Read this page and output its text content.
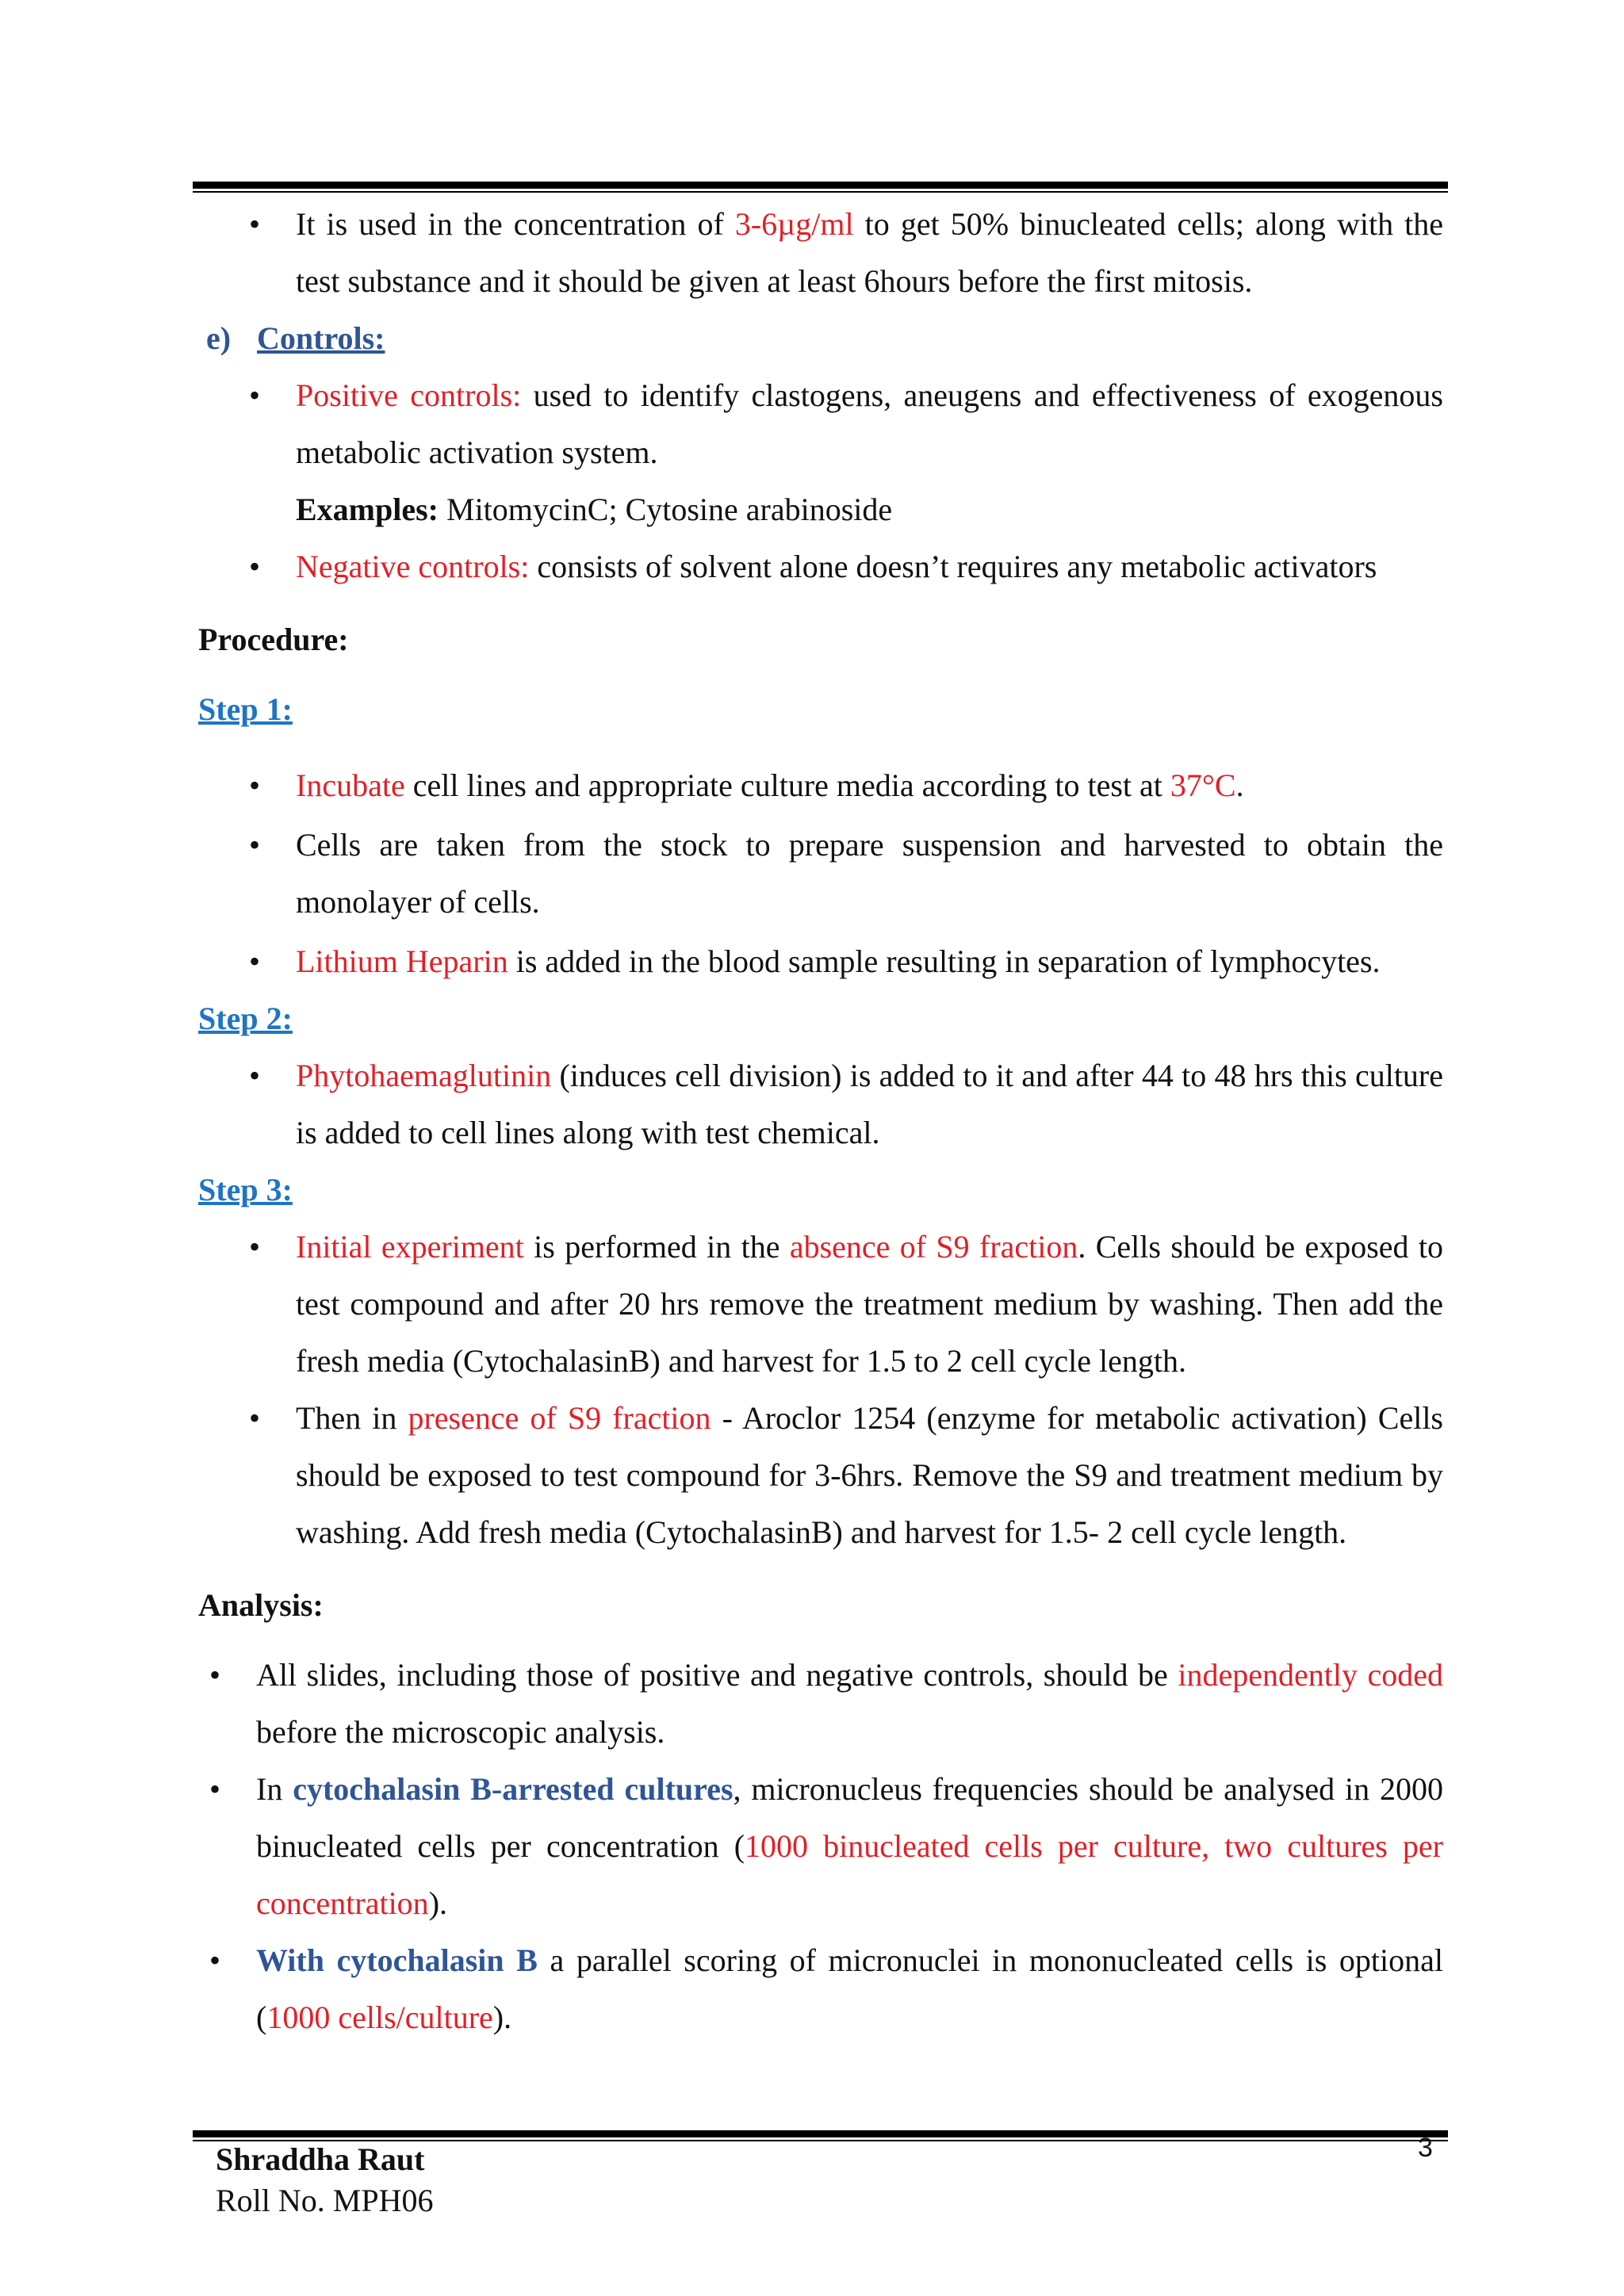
• It is used in the concentration of 3-6µg/ml to get 50% binucleated cells; along with the test substance and it should be given at least 6hours before the first mitosis.
e) Controls:
• Positive controls: used to identify clastogens, aneugens and effectiveness of exogenous metabolic activation system.
Examples: MitomycinC; Cytosine arabinoside
• Negative controls: consists of solvent alone doesn’t requires any metabolic activators
Procedure:
Step 1:
• Incubate cell lines and appropriate culture media according to test at 37°C.
• Cells are taken from the stock to prepare suspension and harvested to obtain the monolayer of cells.
• Lithium Heparin is added in the blood sample resulting in separation of lymphocytes.
Step 2:
• Phytohaemaglutinin (induces cell division) is added to it and after 44 to 48 hrs this culture is added to cell lines along with test chemical.
Step 3:
• Initial experiment is performed in the absence of S9 fraction. Cells should be exposed to test compound and after 20 hrs remove the treatment medium by washing. Then add the fresh media (CytochalasinB) and harvest for 1.5 to 2 cell cycle length.
• Then in presence of S9 fraction - Aroclor 1254 (enzyme for metabolic activation) Cells should be exposed to test compound for 3-6hrs. Remove the S9 and treatment medium by washing. Add fresh media (CytochalasinB) and harvest for 1.5- 2 cell cycle length.
Analysis:
• All slides, including those of positive and negative controls, should be independently coded before the microscopic analysis.
• In cytochalasin B-arrested cultures, micronucleus frequencies should be analysed in 2000 binucleated cells per concentration (1000 binucleated cells per culture, two cultures per concentration).
• With cytochalasin B a parallel scoring of micronuclei in mononucleated cells is optional (1000 cells/culture).
Shraddha Raut
Roll No. MPH06
3
